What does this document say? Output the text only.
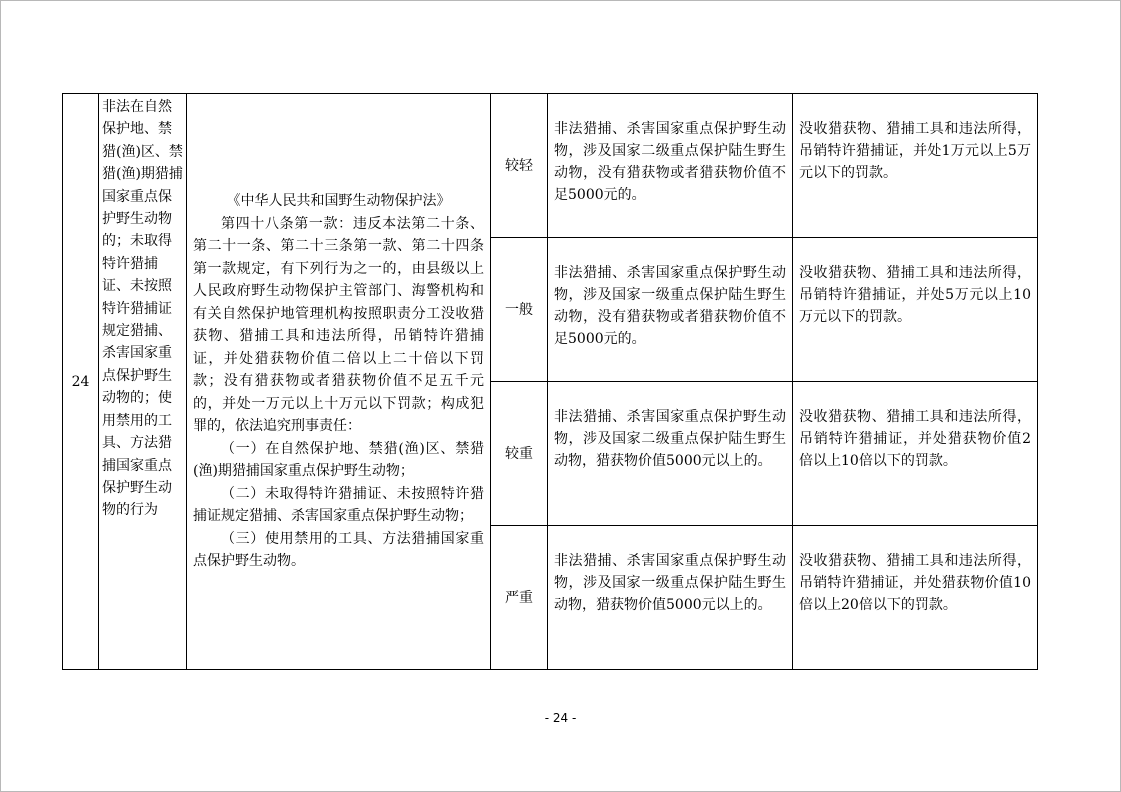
24	非法在自然保护地、禁猎(渔)区、禁猎(渔)期猎捕国家重点保护野生动物的；未取得特许猎捕证、未按照特许猎捕证规定猎捕、杀害国家重点保护野生动物的；使用禁用的工具、方法猎捕国家重点保护野生动物的行为	《中华人民共和国野生动物保护法》
第四十八条第一款：违反本法第二十条、第二十一条、第二十三条第一款、第二十四条第一款规定，有下列行为之一的，由县级以上人民政府野生动物保护主管部门、海警机构和有关自然保护地管理机构按照职责分工没收猎获物、猎捕工具和违法所得，吊销特许猎捕证，并处猎获物价值二倍以上二十倍以下罚款；没有猎获物或者猎获物价值不足五千元的，并处一万元以上十万元以下罚款；构成犯罪的，依法追究刑事责任：
（一）在自然保护地、禁猎(渔)区、禁猎(渔)期猎捕国家重点保护野生动物；
（二）未取得特许猎捕证、未按照特许猎捕证规定猎捕、杀害国家重点保护野生动物；
（三）使用禁用的工具、方法猎捕国家重点保护野生动物。	较轻	非法猎捕、杀害国家重点保护野生动物，涉及国家二级重点保护陆生野生动物，没有猎获物或者猎获物价值不足5000元的。	没收猎获物、猎捕工具和违法所得，吊销特许猎捕证，并处1万元以上5万元以下的罚款。

			一般	非法猎捕、杀害国家重点保护野生动物，涉及国家一级重点保护陆生野生动物，没有猎获物或者猎获物价值不足5000元的。	没收猎获物、猎捕工具和违法所得，吊销特许猎捕证，并处5万元以上10万元以下的罚款。

			较重	非法猎捕、杀害国家重点保护野生动物，涉及国家二级重点保护陆生野生动物，猎获物价值5000元以上的。	没收猎获物、猎捕工具和违法所得，吊销特许猎捕证，并处猎获物价值2倍以上10倍以下的罚款。

			严重	非法猎捕、杀害国家重点保护野生动物，涉及国家一级重点保护陆生野生动物，猎获物价值5000元以上的。	没收猎获物、猎捕工具和违法所得，吊销特许猎捕证，并处猎获物价值10倍以上20倍以下的罚款。
- 24 -
